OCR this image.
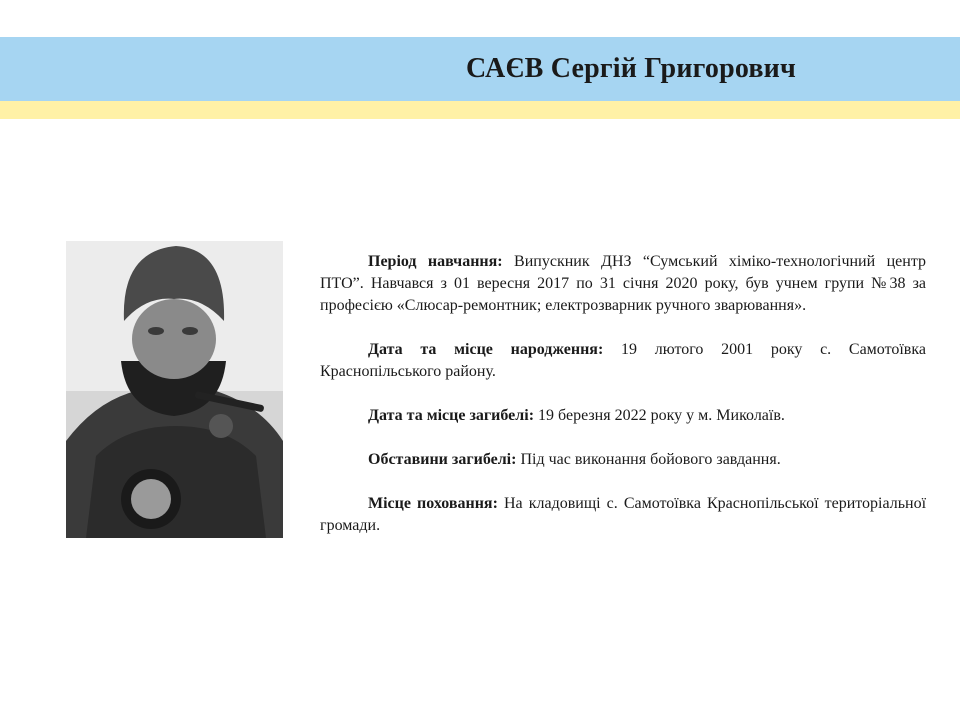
САЄВ Сергій Григорович

Період навчання: Випускник ДНЗ “Сумський хіміко-технологічний центр ПТО”. Навчався з 01 вересня 2017 по 31 січня 2020 року, був учнем групи №38 за професією «Слюсар-ремонтник; електрозварник ручного зварювання».

Дата та місце народження: 19 лютого 2001 року с. Самотоївка Краснопільського району.

Дата та місце загибелі: 19 березня 2022 року у м. Миколаїв.

Обставини загибелі: Під час виконання бойового завдання.

Місце поховання: На кладовищі с. Самотоївка Краснопільської територіальної громади.
